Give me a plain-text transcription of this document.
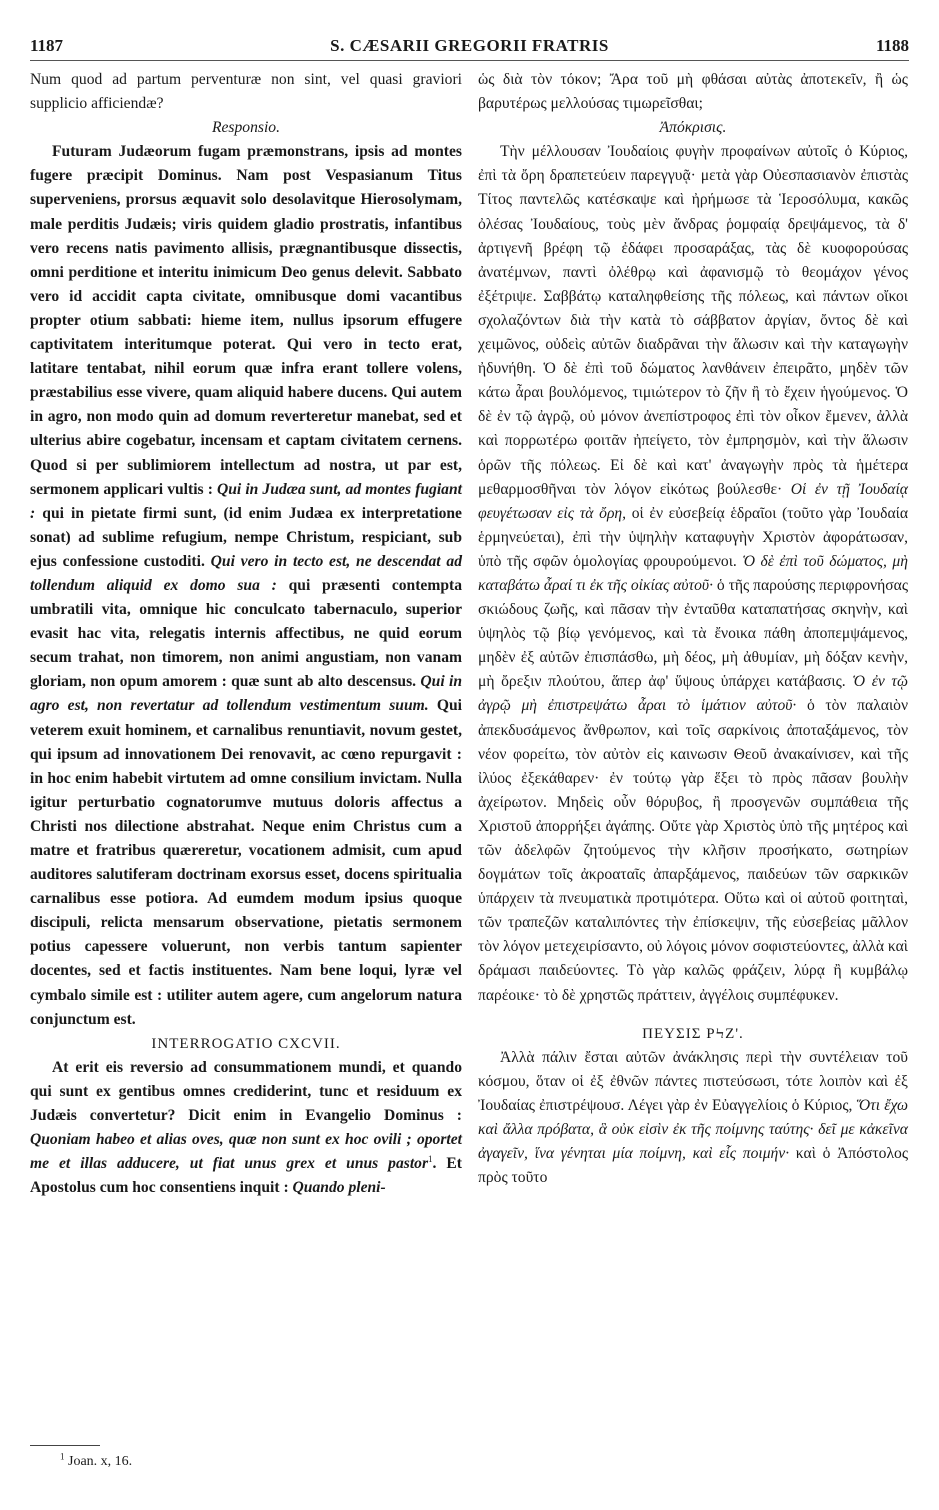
1187	S. CÆSARII GREGORII FRATRIS	1188

Num quod ad partum perventuræ non sint, vel quasi graviori supplicio afficiendæ?

Responsio.

Futuram Judæorum fugam præmonstrans, ipsis ad montes fugere præcipit Dominus. Nam post Vespasianum Titus superveniens, prorsus æquavit solo desolavitque Hierosolymam, male perditis Judæis; viris quidem gladio prostratis, infantibus vero recens natis pavimento allisis, prægnantibusque dissectis, omni perditione et interitu inimicum Deo genus delevit. Sabbato vero id accidit capta civitate, omnibusque domi vacantibus propter otium sabbati: hieme item, nullus ipsorum effugere captivitatem interitumque poterat. Qui vero in tecto erat, latitare tentabat, nihil eorum quæ infra erant tollere volens, præstabilius esse vivere, quam aliquid habere ducens. Qui autem in agro, non modo quin ad domum reverteretur manebat, sed et ulterius abire cogebatur, incensam et captam civitatem cernens. Quod si per sublimiorem intellectum ad nostra, ut par est, sermonem applicari vultis : Qui in Judæa sunt, ad montes fugiant : qui in pietate firmi sunt, (id enim Judæa ex interpretatione sonat) ad sublime refugium, nempe Christum, respiciant, sub ejus confessione custoditi. Qui vero in tecto est, ne descendat ad tollendum aliquid ex domo sua : qui præsenti contempta umbratili vita, omnique hic conculcato tabernaculo, superior evasit hac vita, relegatis internis affectibus, ne quid eorum secum trahat, non timorem, non animi angustiam, non vanam gloriam, non opum amorem : quæ sunt ab alto descensus. Qui in agro est, non revertatur ad tollendum vestimentum suum. Qui veterem exuit hominem, et carnalibus renuntiavit, novum gestet, qui ipsum ad innovationem Dei renovavit, ac cœno repurgavit : in hoc enim habebit virtutem ad omne consilium invictam. Nulla igitur perturbatio cognatorumve mutuus doloris affectus a Christi nos dilectione abstrahat. Neque enim Christus cum a matre et fratribus quæreretur, vocationem admisit, cum apud auditores salutiferam doctrinam exorsus esset, docens spiritualia carnalibus esse potiora. Ad eumdem modum ipsius quoque discipuli, relicta mensarum observatione, pietatis sermonem potius capessere voluerunt, non verbis tantum sapienter docentes, sed et factis instituentes. Nam bene loqui, lyræ vel cymbalo simile est : utiliter autem agere, cum angelorum natura conjunctum est.

INTERROGATIO CXCVII.

At erit eis reversio ad consummationem mundi, et quando qui sunt ex gentibus omnes crediderint, tunc et residuum ex Judæis convertetur? Dicit enim in Evangelio Dominus : Quoniam habeo et alias oves, quæ non sunt ex hoc ovili ; oportet me et illas adducere, ut fiat unus grex et unus pastor$^1$. Et Apostolus cum hoc consentiens inquit : Quando pleni-

ὡς διὰ τὸν τόκον; Ἄρα τοῦ μὴ φθάσαι αὐτὰς ἀποτεκεῖν, ἢ ὡς βαρυτέρως μελλούσας τιμωρεῖσθαι;

Ἀπόκρισις.

Τὴν μέλλουσαν Ἰουδαίοις φυγὴν προφαίνων αὐτοῖς ὁ Κύριος, ἐπὶ τὰ ὄρη δραπετεύειν παρεγγυᾷ· μετὰ γὰρ Οὐεσπασιανὸν ἐπιστὰς Τίτος παντελῶς κατέσκαψε καὶ ἠρήμωσε τὰ Ἱεροσόλυμα, κακῶς ὀλέσας Ἰουδαίους, τοὺς μὲν ἄνδρας ῥομφαίᾳ δρεψάμενος, τὰ δ' ἀρτιγενῆ βρέφη τῷ ἐδάφει προσαράξας, τὰς δὲ κυοφορούσας ἀνατέμνων, παντὶ ὀλέθρῳ καὶ ἀφανισμῷ τὸ θεομάχον γένος ἐξέτριψε. Σαββάτῳ καταληφθείσης τῆς πόλεως, καὶ πάντων οἴκοι σχολαζόντων διὰ τὴν κατὰ τὸ σάββατον ἀργίαν, ὄντος δὲ καὶ χειμῶνος, οὐδεὶς αὐτῶν διαδρᾶναι τὴν ἅλωσιν καὶ τὴν καταγωγὴν ἠδυνήθη. Ὁ δὲ ἐπὶ τοῦ δώματος λανθάνειν ἐπειρᾶτο, μηδὲν τῶν κάτω ἆραι βουλόμενος, τιμιώτερον τὸ ζῆν ἢ τὸ ἔχειν ἡγούμενος. Ὁ δὲ ἐν τῷ ἀγρῷ, οὐ μόνον ἀνεπίστροφος ἐπὶ τὸν οἶκον ἔμενεν, ἀλλὰ καὶ πορρωτέρω φοιτᾶν ἠπείγετο, τὸν ἐμπρησμὸν, καὶ τὴν ἅλωσιν ὁρῶν τῆς πόλεως. Εἰ δὲ καὶ κατ' ἀναγωγὴν πρὸς τὰ ἡμέτερα μεθαρμοσθῆναι τὸν λόγον εἰκότως βούλεσθε· Οἱ ἐν τῇ Ἰουδαίᾳ φευγέτωσαν εἰς τὰ ὄρη, οἱ ἐν εὐσεβείᾳ ἑδραῖοι (τοῦτο γὰρ Ἰουδαία ἑρμηνεύεται), ἐπὶ τὴν ὑψηλὴν καταφυγὴν Χριστὸν ἀφοράτωσαν, ὑπὸ τῆς σφῶν ὁμολογίας φρουρούμενοι. Ὁ δὲ ἐπὶ τοῦ δώματος, μὴ καταβάτω ἆραί τι ἐκ τῆς οἰκίας αὐτοῦ· ὁ τῆς παρούσης περιφρονήσας σκιώδους ζωῆς, καὶ πᾶσαν τὴν ἐνταῦθα καταπατήσας σκηνὴν, καὶ ὑψηλὸς τῷ βίῳ γενόμενος, καὶ τὰ ἔνοικα πάθη ἀποπεμψάμενος, μηδὲν ἐξ αὐτῶν ἐπισπάσθω, μὴ δέος, μὴ ἀθυμίαν, μὴ δόξαν κενὴν, μὴ ὄρεξιν πλούτου, ἅπερ ἀφ' ὕψους ὑπάρχει κατάβασις. Ὁ ἐν τῷ ἀγρῷ μὴ ἐπιστρεψάτω ἆραι τὸ ἱμάτιον αὐτοῦ· ὁ τὸν παλαιὸν ἀπεκδυσάμενος ἄνθρωπον, καὶ τοῖς σαρκίνοις ἀποταξάμενος, τὸν νέον φορείτω, τὸν αὐτὸν εἰς καινωσιν Θεοῦ ἀνακαίνισεν, καὶ τῆς ἰλύος ἐξεκάθαρεν· ἐν τούτῳ γὰρ ἕξει τὸ πρὸς πᾶσαν βουλὴν ἀχείρωτον. Μηδεὶς οὖν θόρυβος, ἢ προσγενῶν συμπάθεια τῆς Χριστοῦ ἀπορρήξει ἀγάπης. Οὔτε γὰρ Χριστὸς ὑπὸ τῆς μητέρος καὶ τῶν ἀδελφῶν ζητούμενος τὴν κλῆσιν προσήκατο, σωτηρίων δογμάτων τοῖς ἀκροαταῖς ἀπαρξάμενος, παιδεύων τῶν σαρκικῶν ὑπάρχειν τὰ πνευματικὰ προτιμότερα. Οὕτω καὶ οἱ αὐτοῦ φοιτηταὶ, τῶν τραπεζῶν καταλιπόντες τὴν ἐπίσκεψιν, τῆς εὐσεβείας μᾶλλον τὸν λόγον μετεχειρίσαντο, οὐ λόγοις μόνον σοφιστεύοντες, ἀλλὰ καὶ δράμασι παιδεύοντες. Τὸ γὰρ καλῶς φράζειν, λύρᾳ ἢ κυμβάλῳ παρέοικε· τὸ δὲ χρηστῶς πράττειν, ἀγγέλοις συμπέφυκεν.

ΠΕΥΣΙΣ ΡϞΖ'.

Ἀλλὰ πάλιν ἔσται αὐτῶν ἀνάκλησις περὶ τὴν συντέλειαν τοῦ κόσμου, ὅταν οἱ ἐξ ἐθνῶν πάντες πιστεύσωσι, τότε λοιπὸν καὶ ἐξ Ἰουδαίας ἐπιστρέψουσ. Λέγει γὰρ ἐν Εὐαγγελίοις ὁ Κύριος, Ὅτι ἔχω καὶ ἄλλα πρόβατα, ἃ οὐκ εἰσὶν ἐκ τῆς ποίμνης ταύτης· δεῖ με κἀκεῖνα ἀγαγεῖν, ἵνα γένηται μία ποίμνη, καὶ εἷς ποιμήν· καὶ ὁ Ἀπόστολος πρὸς τοῦτο

$^1$ Joan. x, 16.
